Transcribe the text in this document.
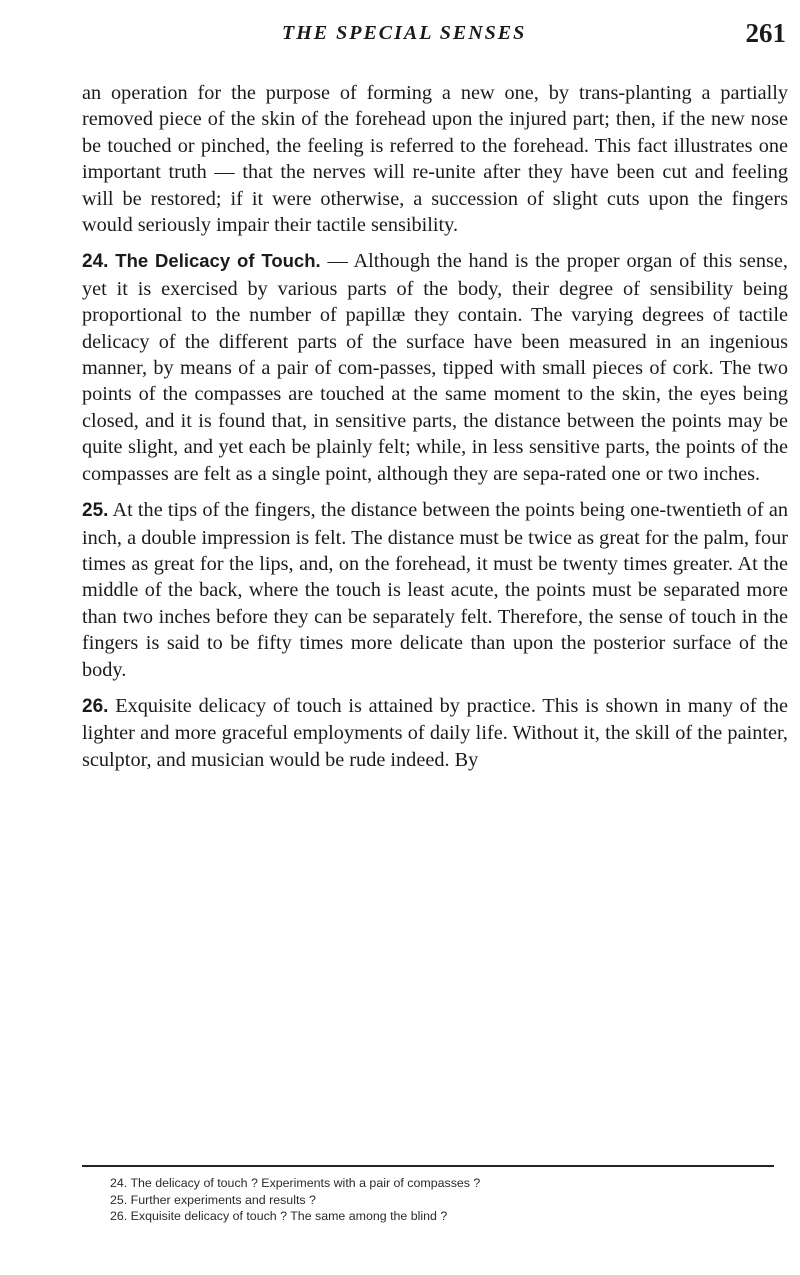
THE SPECIAL SENSES	261

an operation for the purpose of forming a new one, by trans-planting a partially removed piece of the skin of the forehead upon the injured part; then, if the new nose be touched or pinched, the feeling is referred to the forehead. This fact illustrates one important truth — that the nerves will re-unite after they have been cut and feeling will be restored; if it were otherwise, a succession of slight cuts upon the fingers would seriously impair their tactile sensibility.

24. The Delicacy of Touch. — Although the hand is the proper organ of this sense, yet it is exercised by various parts of the body, their degree of sensibility being proportional to the number of papillæ they contain. The varying degrees of tactile delicacy of the different parts of the surface have been measured in an ingenious manner, by means of a pair of com-passes, tipped with small pieces of cork. The two points of the compasses are touched at the same moment to the skin, the eyes being closed, and it is found that, in sensitive parts, the distance between the points may be quite slight, and yet each be plainly felt; while, in less sensitive parts, the points of the compasses are felt as a single point, although they are sepa-rated one or two inches.

25. At the tips of the fingers, the distance between the points being one-twentieth of an inch, a double impression is felt. The distance must be twice as great for the palm, four times as great for the lips, and, on the forehead, it must be twenty times greater. At the middle of the back, where the touch is least acute, the points must be separated more than two inches before they can be separately felt. Therefore, the sense of touch in the fingers is said to be fifty times more delicate than upon the posterior surface of the body.

26. Exquisite delicacy of touch is attained by practice. This is shown in many of the lighter and more graceful employments of daily life. Without it, the skill of the painter, sculptor, and musician would be rude indeed. By

24. The delicacy of touch ? Experiments with a pair of compasses ?
25. Further experiments and results ?
26. Exquisite delicacy of touch ? The same among the blind ?
